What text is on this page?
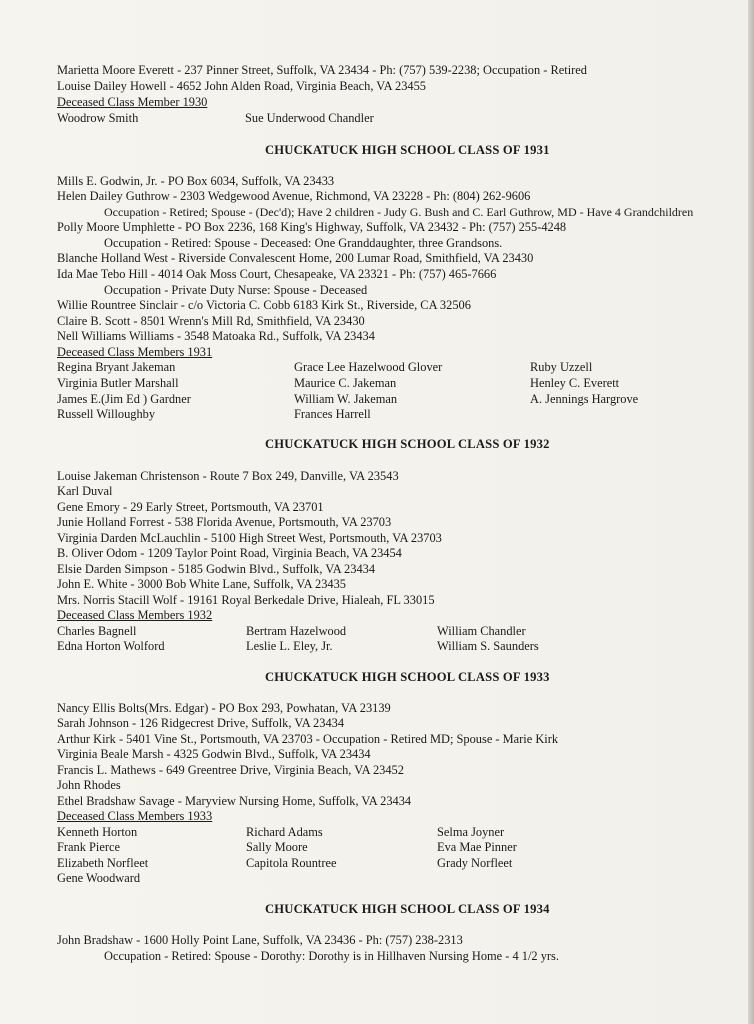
Marietta Moore Everett - 237 Pinner Street, Suffolk, VA 23434 - Ph: (757) 539-2238; Occupation - Retired
Louise Dailey Howell - 4652 John Alden Road, Virginia Beach, VA 23455
Deceased Class Member 1930
Woodrow Smith	Sue Underwood Chandler
CHUCKATUCK HIGH SCHOOL CLASS OF 1931
Mills E. Godwin, Jr. - PO Box 6034, Suffolk, VA 23433
Helen Dailey Guthrow - 2303 Wedgewood Avenue, Richmond, VA 23228 - Ph: (804) 262-9606
Occupation - Retired; Spouse - (Dec'd); Have 2 children - Judy G. Bush and C. Earl Guthrow, MD - Have 4 Grandchildren
Polly Moore Umphlette - PO Box 2236, 168 King's Highway, Suffolk, VA 23432 - Ph: (757) 255-4248
Occupation - Retired: Spouse - Deceased: One Granddaughter, three Grandsons.
Blanche Holland West - Riverside Convalescent Home, 200 Lumar Road, Smithfield, VA 23430
Ida Mae Tebo Hill - 4014 Oak Moss Court, Chesapeake, VA 23321 - Ph: (757) 465-7666
Occupation - Private Duty Nurse: Spouse - Deceased
Willie Rountree Sinclair - c/o Victoria C. Cobb 6183 Kirk St., Riverside, CA 32506
Claire B. Scott - 8501 Wrenn's Mill Rd, Smithfield, VA 23430
Nell Williams Williams - 3548 Matoaka Rd., Suffolk, VA 23434
Deceased Class Members 1931
Regina Bryant Jakeman
Virginia Butler Marshall
James E.(Jim Ed ) Gardner
Russell Willoughby
Grace Lee Hazelwood Glover
Maurice C. Jakeman
William W. Jakeman
Frances Harrell
Ruby Uzzell
Henley C. Everett
A. Jennings Hargrove
CHUCKATUCK HIGH SCHOOL CLASS OF 1932
Louise Jakeman Christenson - Route 7 Box 249, Danville, VA 23543
Karl Duval
Gene Emory - 29 Early Street, Portsmouth, VA 23701
Junie Holland Forrest - 538 Florida Avenue, Portsmouth, VA 23703
Virginia Darden McLauchlin - 5100 High Street West, Portsmouth, VA 23703
B. Oliver Odom - 1209 Taylor Point Road, Virginia Beach, VA 23454
Elsie Darden Simpson - 5185 Godwin Blvd., Suffolk, VA 23434
John E. White - 3000 Bob White Lane, Suffolk, VA 23435
Mrs. Norris Stacill Wolf - 19161 Royal Berkedale Drive, Hialeah, FL 33015
Deceased Class Members 1932
Charles Bagnell
Edna Horton Wolford
Bertram Hazelwood
Leslie L. Eley, Jr.
William Chandler
William S. Saunders
CHUCKATUCK HIGH SCHOOL CLASS OF 1933
Nancy Ellis Bolts(Mrs. Edgar) - PO Box 293, Powhatan, VA 23139
Sarah Johnson - 126 Ridgecrest Drive, Suffolk, VA 23434
Arthur Kirk - 5401 Vine St., Portsmouth, VA 23703 - Occupation - Retired MD; Spouse - Marie Kirk
Virginia Beale Marsh - 4325 Godwin Blvd., Suffolk, VA 23434
Francis L. Mathews - 649 Greentree Drive, Virginia Beach, VA 23452
John Rhodes
Ethel Bradshaw Savage - Maryview Nursing Home, Suffolk, VA 23434
Deceased Class Members 1933
Kenneth Horton
Frank Pierce
Elizabeth Norfleet
Gene Woodward
Richard Adams
Sally Moore
Capitola Rountree
Selma Joyner
Eva Mae Pinner
Grady Norfleet
CHUCKATUCK HIGH SCHOOL CLASS OF 1934
John Bradshaw - 1600 Holly Point Lane, Suffolk, VA 23436 - Ph: (757) 238-2313
Occupation - Retired: Spouse - Dorothy: Dorothy is in Hillhaven Nursing Home - 4 1/2 yrs.
